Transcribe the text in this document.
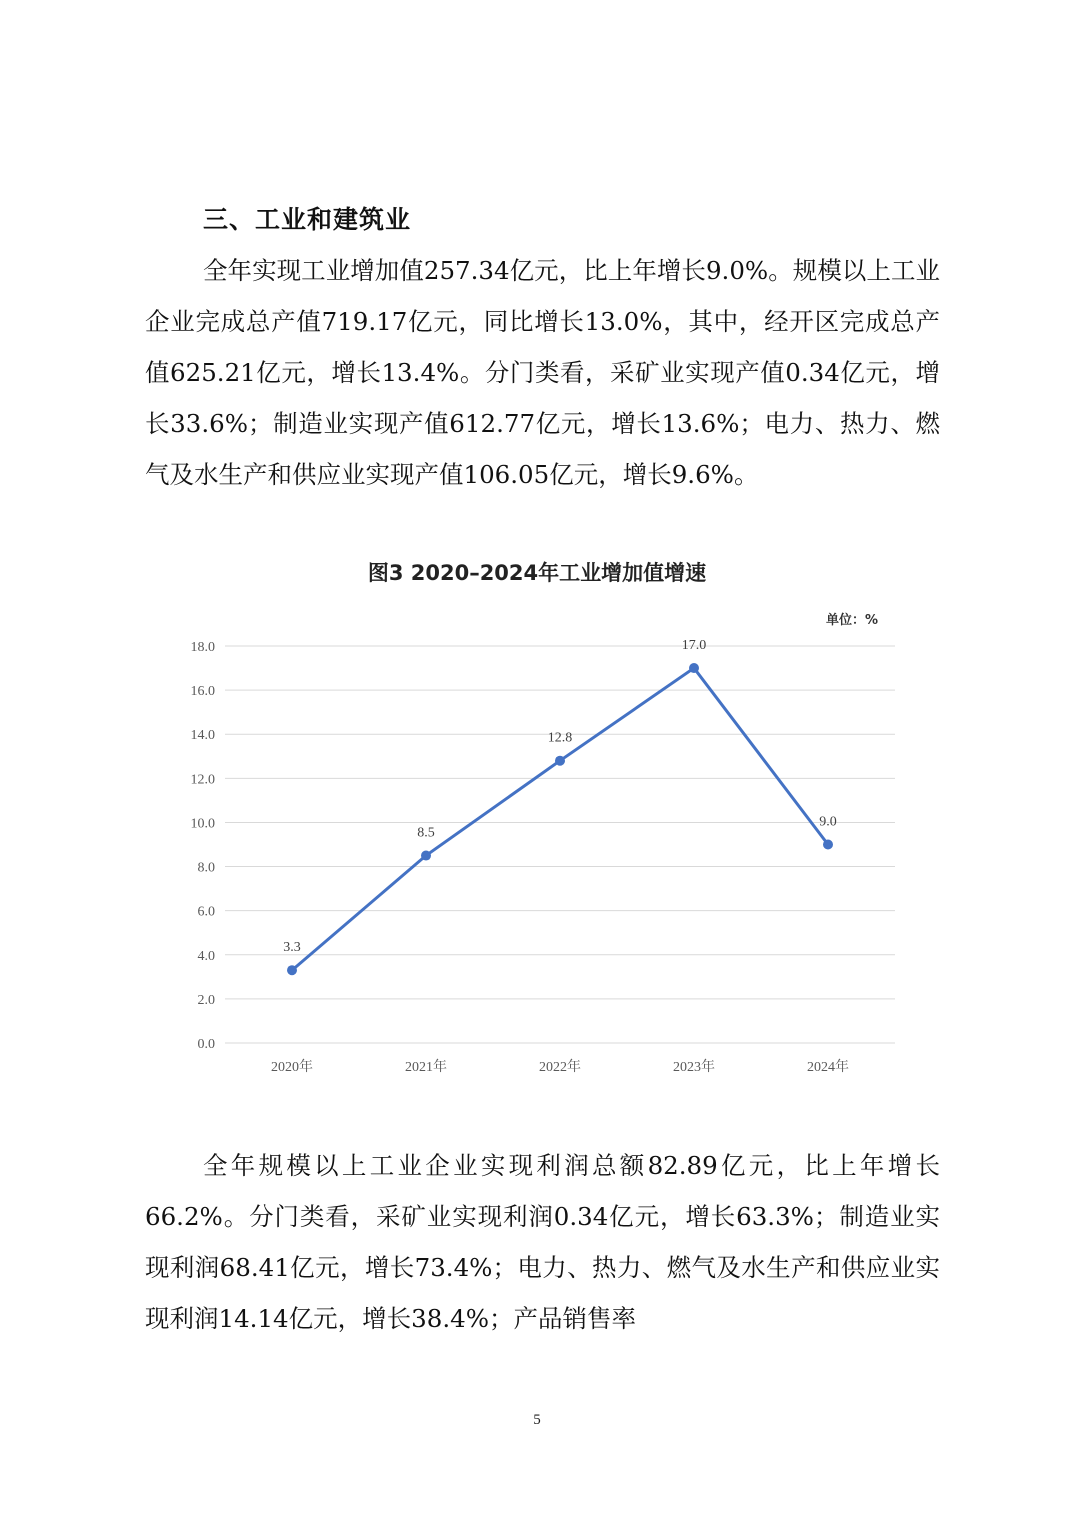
三、工业和建筑业

全年实现工业增加值257.34亿元，比上年增长9.0%。规模以上工业企业完成总产值719.17亿元，同比增长13.0%，其中，经开区完成总产值625.21亿元，增长13.4%。分门类看，采矿业实现产值0.34亿元，增长33.6%；制造业实现产值612.77亿元，增长13.6%；电力、热力、燃气及水生产和供应业实现产值106.05亿元，增长9.6%。

图3 2020–2024年工业增加值增速
单位：%
0.0
2.0
4.0
6.0
8.0
10.0
12.0
14.0
16.0
18.0
2020年	2021年	2022年	2023年	2024年
3.3
8.5
12.8
17.0
9.0

全年规模以上工业企业实现利润总额82.89亿元，比上年增长66.2%。分门类看，采矿业实现利润0.34亿元，增长63.3%；制造业实现利润68.41亿元，增长73.4%；电力、热力、燃气及水生产和供应业实现利润14.14亿元，增长38.4%；产品销售率

5
